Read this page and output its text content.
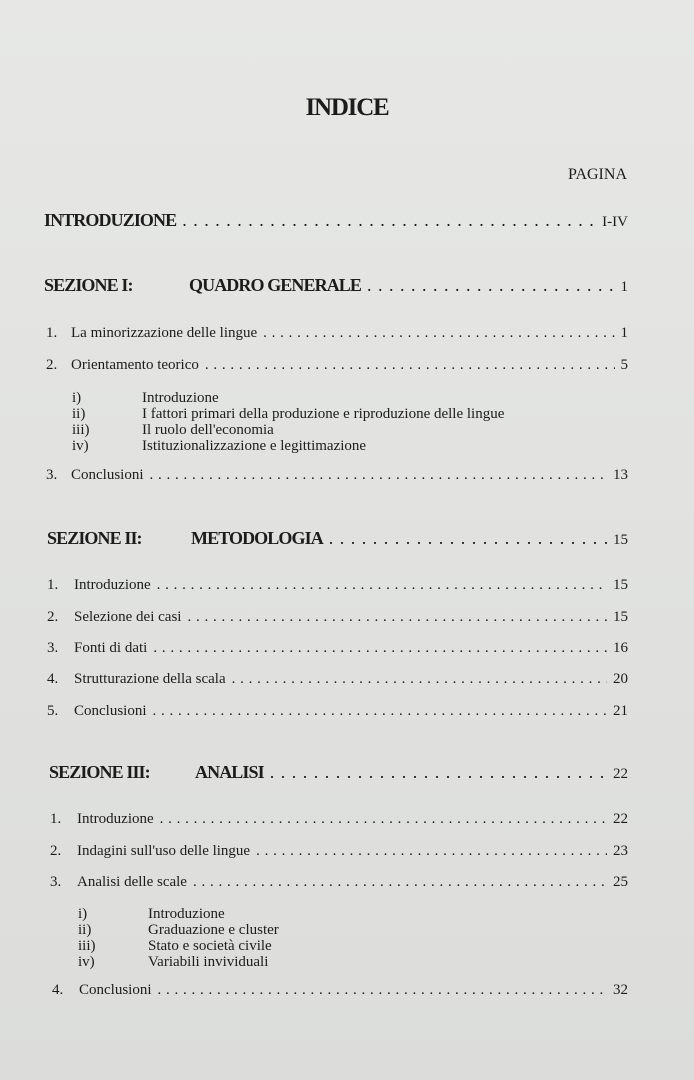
INDICE
PAGINA
INTRODUZIONE . . .	I-IV
SEZIONE I:	QUADRO GENERALE . . .	1
1. La minorizzazione delle lingue . . .	1
2. Orientamento teorico . . .	5
i)	Introduzione
ii)	I fattori primari della produzione e riproduzione delle lingue
iii)	Il ruolo dell'economia
iv)	Istituzionalizzazione e legittimazione
3. Conclusioni . . .	13
SEZIONE II:	METODOLOGIA . . .	15
1.	Introduzione . . .	15
2.	Selezione dei casi . . .	15
3.	Fonti di dati . . .	16
4.	Strutturazione della scala . . .	20
5.	Conclusioni . . .	21
SEZIONE III:	ANALISI . . .	22
1.	Introduzione . . .	22
2.	Indagini sull'uso delle lingue . . .	23
3.	Analisi delle scale . . .	25
i)	Introduzione
ii)	Graduazione e cluster
iii)	Stato e società civile
iv)	Variabili invividuali
4.	Conclusioni . . .	32
